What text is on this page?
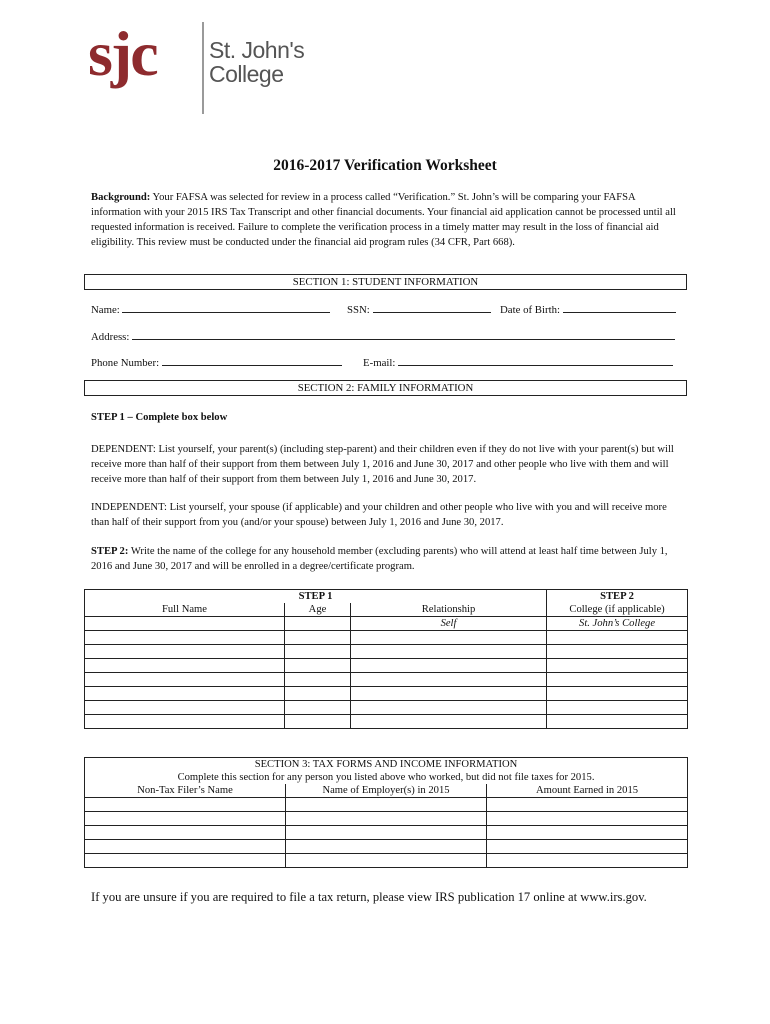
sjc St. John's
College
2016-2017 Verification Worksheet
Background: Your FAFSA was selected for review in a process called “Verification.” St. John’s will be comparing your FAFSA information with your 2015 IRS Tax Transcript and other financial documents. Your financial aid application cannot be processed until all requested information is received. Failure to complete the verification process in a timely matter may result in the loss of financial aid eligibility. This review must be conducted under the financial aid program rules (34 CFR, Part 668).
SECTION 1: STUDENT INFORMATION
Name:	SSN:	Date of Birth:
Address:
Phone Number:	E-mail:
SECTION 2: FAMILY INFORMATION
STEP 1 – Complete box below
DEPENDENT: List yourself, your parent(s) (including step-parent) and their children even if they do not live with your parent(s) but will receive more than half of their support from them between July 1, 2016 and June 30, 2017 and other people who live with them and will receive more than half of their support from them between July 1, 2016 and June 30, 2017.
INDEPENDENT: List yourself, your spouse (if applicable) and your children and other people who live with you and will receive more than half of their support from you (and/or your spouse) between July 1, 2016 and June 30, 2017.
STEP 2: Write the name of the college for any household member (excluding parents) who will attend at least half time between July 1, 2016 and June 30, 2017 and will be enrolled in a degree/certificate program.
STEP 1			STEP 2
Full Name	Age	Relationship	College (if applicable)
		Self	St. John’s College

SECTION 3: TAX FORMS AND INCOME INFORMATION		
Complete this section for any person you listed above who worked, but did not file taxes for 2015.		
Non-Tax Filer’s Name	Name of Employer(s) in 2015	Amount Earned in 2015

If you are unsure if you are required to file a tax return, please view IRS publication 17 online at www.irs.gov.
